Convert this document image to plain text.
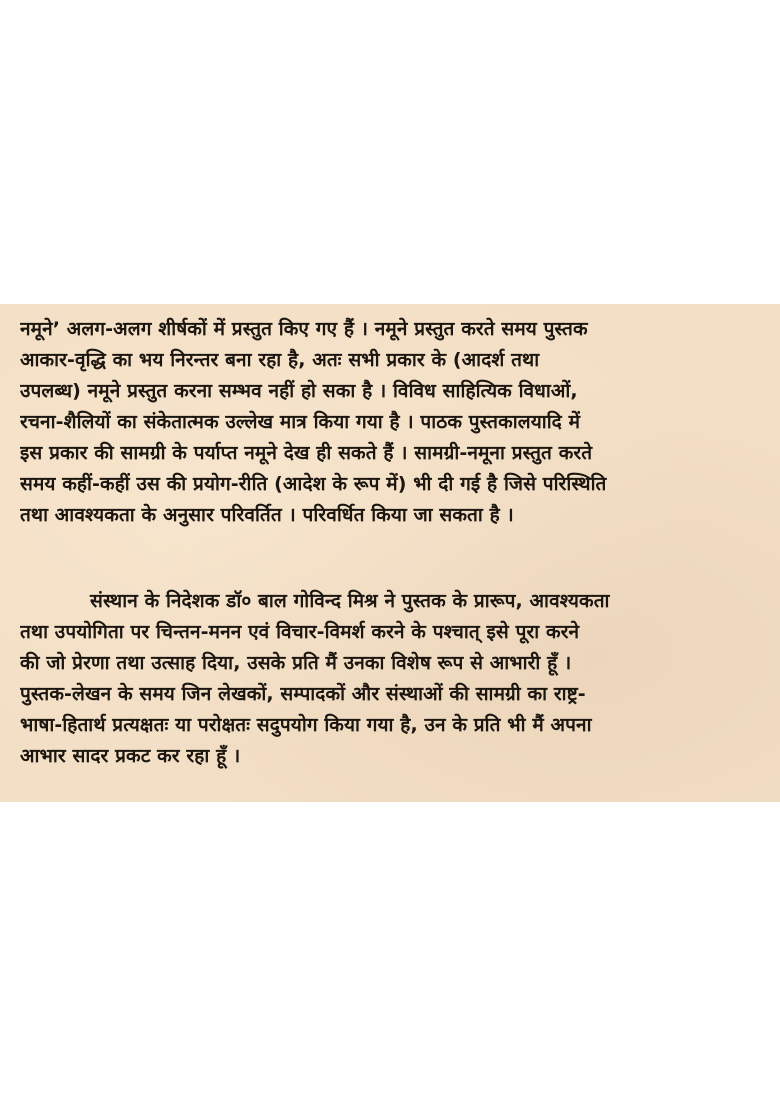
नमूने’ अलग-अलग शीर्षकों में प्रस्तुत किए गए हैं । नमूने प्रस्तुत करते समय पुस्तक
आकार-वृद्धि का भय निरन्तर बना रहा है, अतः सभी प्रकार के (आदर्श तथा
उपलब्ध) नमूने प्रस्तुत करना सम्भव नहीं हो सका है । विविध साहित्यिक विधाओं,
रचना-शैलियों का संकेतात्मक उल्लेख मात्र किया गया है । पाठक पुस्तकालयादि में
इस प्रकार की सामग्री के पर्याप्त नमूने देख ही सकते हैं । सामग्री-नमूना प्रस्तुत करते
समय कहीं-कहीं उस की प्रयोग-रीति (आदेश के रूप में) भी दी गई है जिसे परिस्थिति
तथा आवश्यकता के अनुसार परिवर्तित । परिवर्धित किया जा सकता है ।
संस्थान के निदेशक डॉ० बाल गोविन्द मिश्र ने पुस्तक के प्रारूप, आवश्यकता
तथा उपयोगिता पर चिन्तन-मनन एवं विचार-विमर्श करने के पश्चात् इसे पूरा करने
की जो प्रेरणा तथा उत्साह दिया, उसके प्रति मैं उनका विशेष रूप से आभारी हूँ ।
पुस्तक-लेखन के समय जिन लेखकों, सम्पादकों और संस्थाओं की सामग्री का राष्ट्र-
भाषा-हितार्थ प्रत्यक्षतः या परोक्षतः सदुपयोग किया गया है, उन के प्रति भी मैं अपना
आभार सादर प्रकट कर रहा हूँ ।
